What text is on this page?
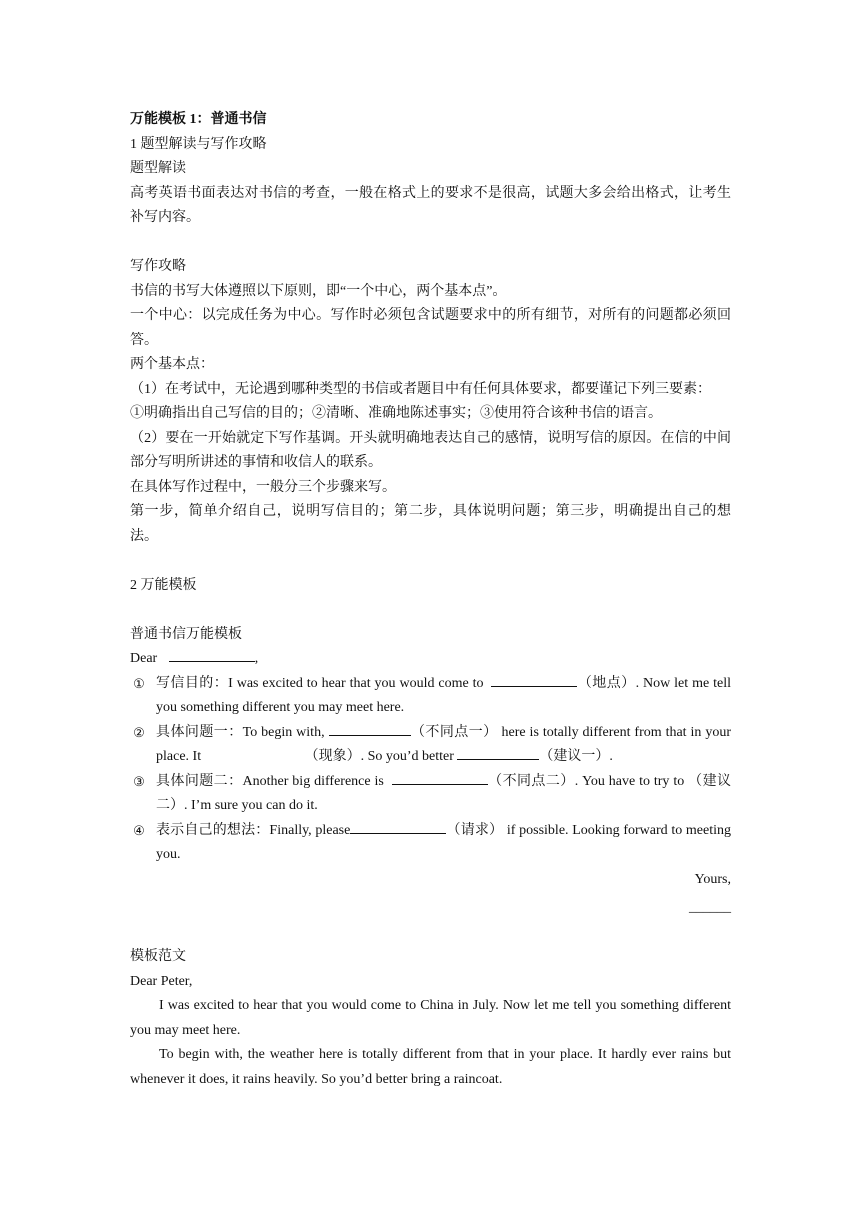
万能模板 1：普通书信

1 题型解读与写作攻略

题型解读

高考英语书面表达对书信的考查，一般在格式上的要求不是很高，试题大多会给出格式，让考生补写内容。

写作攻略

书信的书写大体遵照以下原则，即“一个中心，两个基本点”。

一个中心：以完成任务为中心。写作时必须包含试题要求中的所有细节，对所有的问题都必须回答。

两个基本点：

（1）在考试中，无论遇到哪种类型的书信或者题目中有任何具体要求，都要谨记下列三要素：

①明确指出自己写信的目的；②清晰、准确地陈述事实；③使用符合该种书信的语言。

（2）要在一开始就定下写作基调。开头就明确地表达自己的感情，说明写信的原因。在信的中间部分写明所讲述的事情和收信人的联系。

在具体写作过程中，一般分三个步骤来写。

第一步，简单介绍自己，说明写信目的；第二步，具体说明问题；第三步，明确提出自己的想法。

2 万能模板

普通书信万能模板

Dear	,

① 写信目的：I was excited to hear that you would come to	（地点）. Now let me tell you something different you may meet here.
② 具体问题一：To begin with,	（不同点一） here is totally different from that in your place. It	（现象）. So you’d better	（建议一）.
③ 具体问题二：Another big difference is	（不同点二）. You have to try to （建议二）. I’m sure you can do it.
④ 表示自己的想法：Finally, please	（请求） if possible. Looking forward to meeting you.

Yours,

______

模板范文

Dear Peter,

I was excited to hear that you would come to China in July. Now let me tell you something different you may meet here.

To begin with, the weather here is totally different from that in your place. It hardly ever rains but whenever it does, it rains heavily. So you’d better bring a raincoat.
